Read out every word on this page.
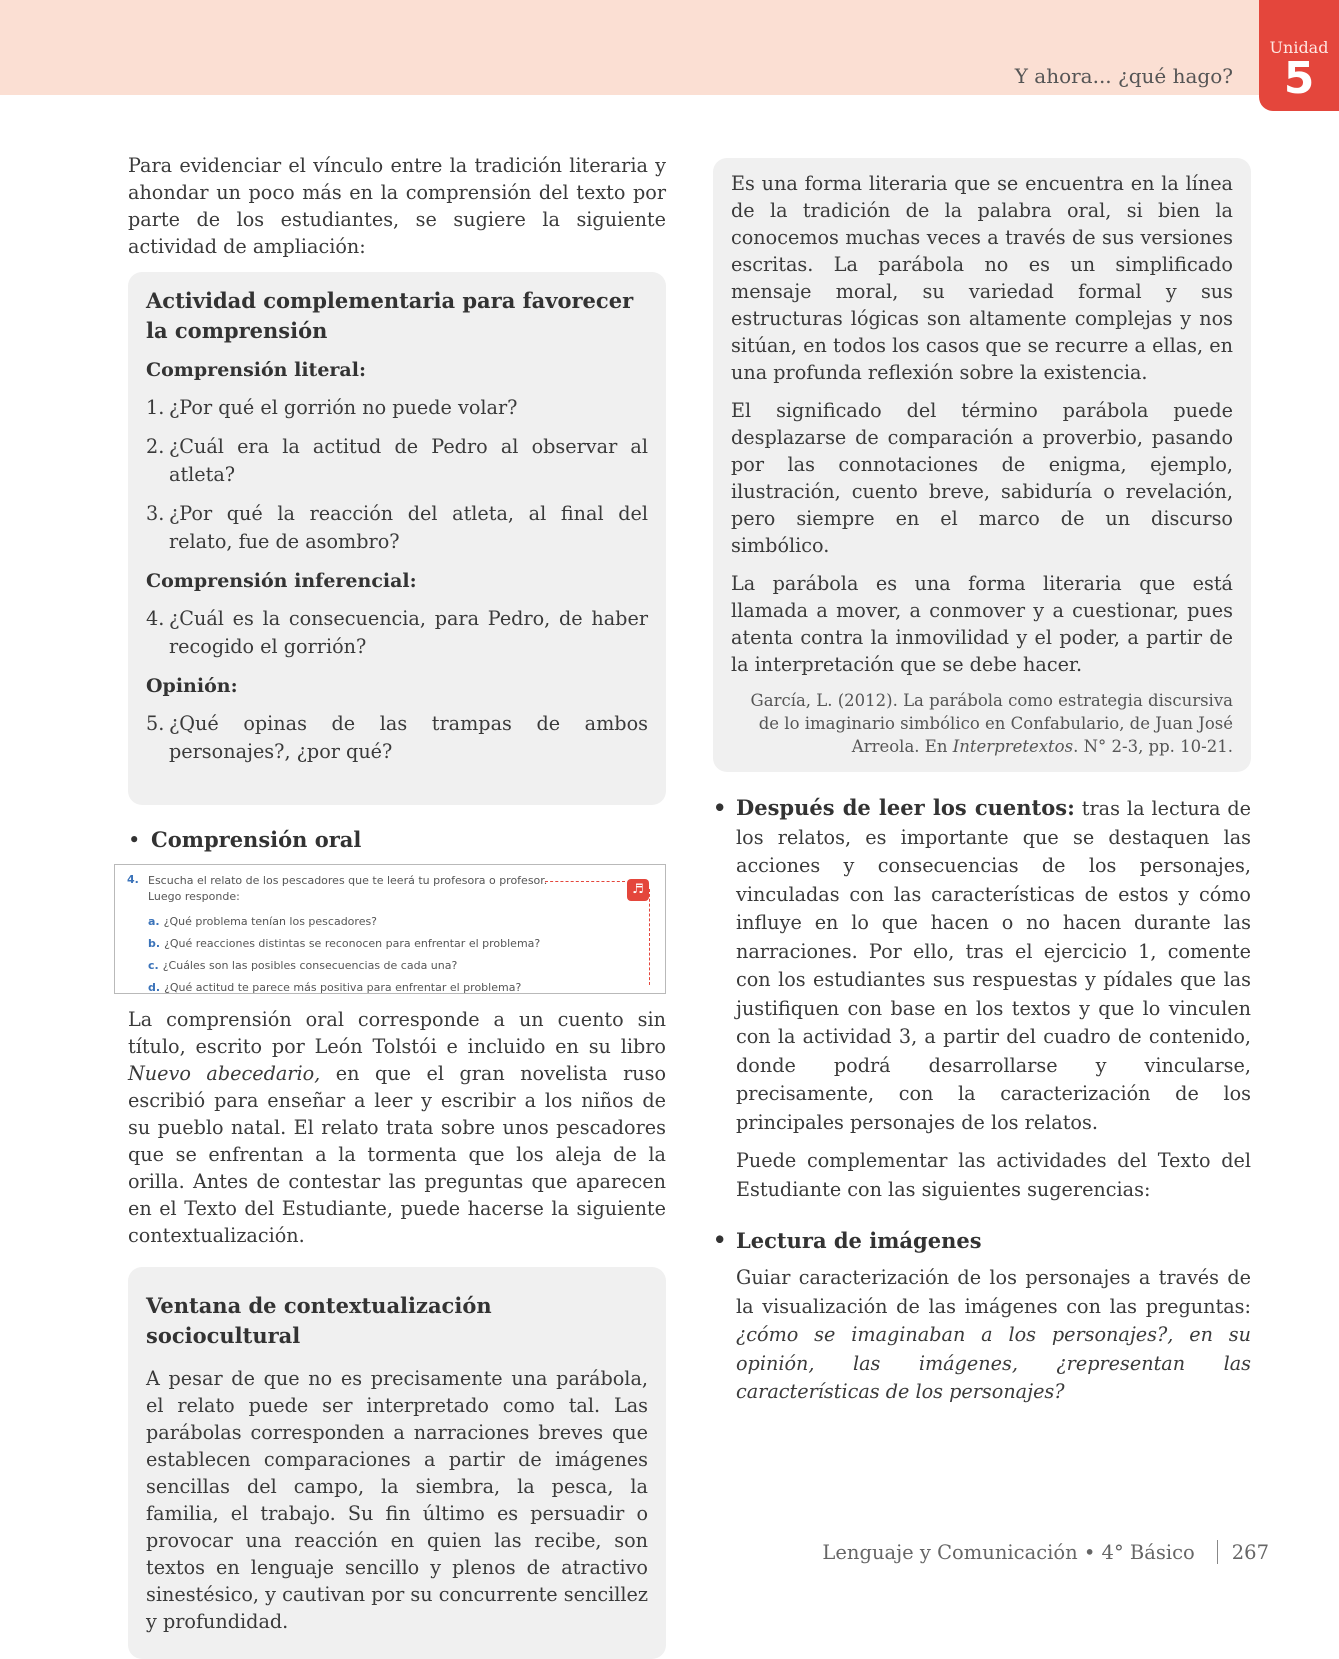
Y ahora... ¿qué hago?
Unidad
5

Para evidenciar el vínculo entre la tradición literaria y ahondar un poco más en la comprensión del texto por parte de los estudiantes, se sugiere la siguiente actividad de ampliación:

Actividad complementaria para favorecer la comprensión
Comprensión literal:
1. ¿Por qué el gorrión no puede volar?
2. ¿Cuál era la actitud de Pedro al observar al atleta?
3. ¿Por qué la reacción del atleta, al final del relato, fue de asombro?
Comprensión inferencial:
4. ¿Cuál es la consecuencia, para Pedro, de haber recogido el gorrión?
Opinión:
5. ¿Qué opinas de las trampas de ambos personajes?, ¿por qué?
• Comprensión oral
4. Escucha el relato de los pescadores que te leerá tu profesora o profesor. Luego responde:	♬
a. ¿Qué problema tenían los pescadores?
b. ¿Qué reacciones distintas se reconocen para enfrentar el problema?
c. ¿Cuáles son las posibles consecuencias de cada una?
d. ¿Qué actitud te parece más positiva para enfrentar el problema?

La comprensión oral corresponde a un cuento sin título, escrito por León Tolstói e incluido en su libro Nuevo abecedario, en que el gran novelista ruso escribió para enseñar a leer y escribir a los niños de su pueblo natal. El relato trata sobre unos pescadores que se enfrentan a la tormenta que los aleja de la orilla. Antes de contestar las preguntas que aparecen en el Texto del Estudiante, puede hacerse la siguiente contextualización.

Ventana de contextualización sociocultural

A pesar de que no es precisamente una parábola, el relato puede ser interpretado como tal. Las parábolas corresponden a narraciones breves que establecen comparaciones a partir de imágenes sencillas del campo, la siembra, la pesca, la familia, el trabajo. Su fin último es persuadir o provocar una reacción en quien las recibe, son textos en lenguaje sencillo y plenos de atractivo sinestésico, y cautivan por su concurrente sencillez y profundidad.

Es una forma literaria que se encuentra en la línea de la tradición de la palabra oral, si bien la conocemos muchas veces a través de sus versiones escritas. La parábola no es un simplificado mensaje moral, su variedad formal y sus estructuras lógicas son altamente complejas y nos sitúan, en todos los casos que se recurre a ellas, en una profunda reflexión sobre la existencia.

El significado del término parábola puede desplazarse de comparación a proverbio, pasando por las connotaciones de enigma, ejemplo, ilustración, cuento breve, sabiduría o revelación, pero siempre en el marco de un discurso simbólico.

La parábola es una forma literaria que está llamada a mover, a conmover y a cuestionar, pues atenta contra la inmovilidad y el poder, a partir de la interpretación que se debe hacer.

García, L. (2012). La parábola como estrategia discursiva de lo imaginario simbólico en Confabulario, de Juan José Arreola. En Interpretextos. N° 2-3, pp. 10-21.

• Después de leer los cuentos: tras la lectura de los relatos, es importante que se destaquen las acciones y consecuencias de los personajes, vinculadas con las características de estos y cómo influye en lo que hacen o no hacen durante las narraciones. Por ello, tras el ejercicio 1, comente con los estudiantes sus respuestas y pídales que las justifiquen con base en los textos y que lo vinculen con la actividad 3, a partir del cuadro de contenido, donde podrá desarrollarse y vincularse, precisamente, con la caracterización de los principales personajes de los relatos.

Puede complementar las actividades del Texto del Estudiante con las siguientes sugerencias:

• Lectura de imágenes

Guiar caracterización de los personajes a través de la visualización de las imágenes con las preguntas: ¿cómo se imaginaban a los personajes?, en su opinión, las imágenes, ¿representan las características de los personajes?

Lenguaje y Comunicación • 4° Básico 267
